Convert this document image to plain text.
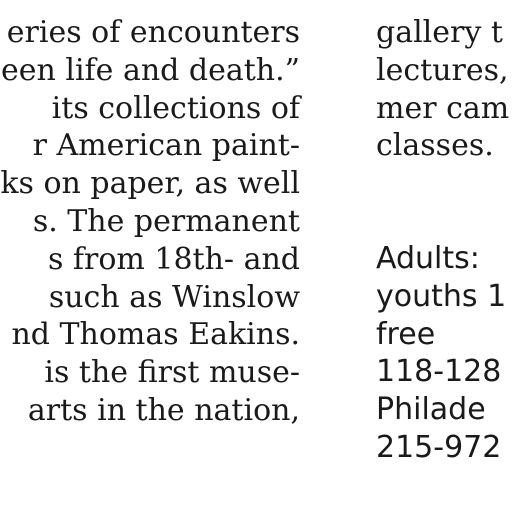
eries of encounters
een life and death.”
its collections of
r American paint-
ks on paper, as well
s. The permanent
s from 18th- and
such as Winslow
nd Thomas Eakins.
is the first muse-
arts in the nation,
gallery t
lectures,
mer cam
classes.
Adults:
youths 1
free
118-128
Philade
215-972
